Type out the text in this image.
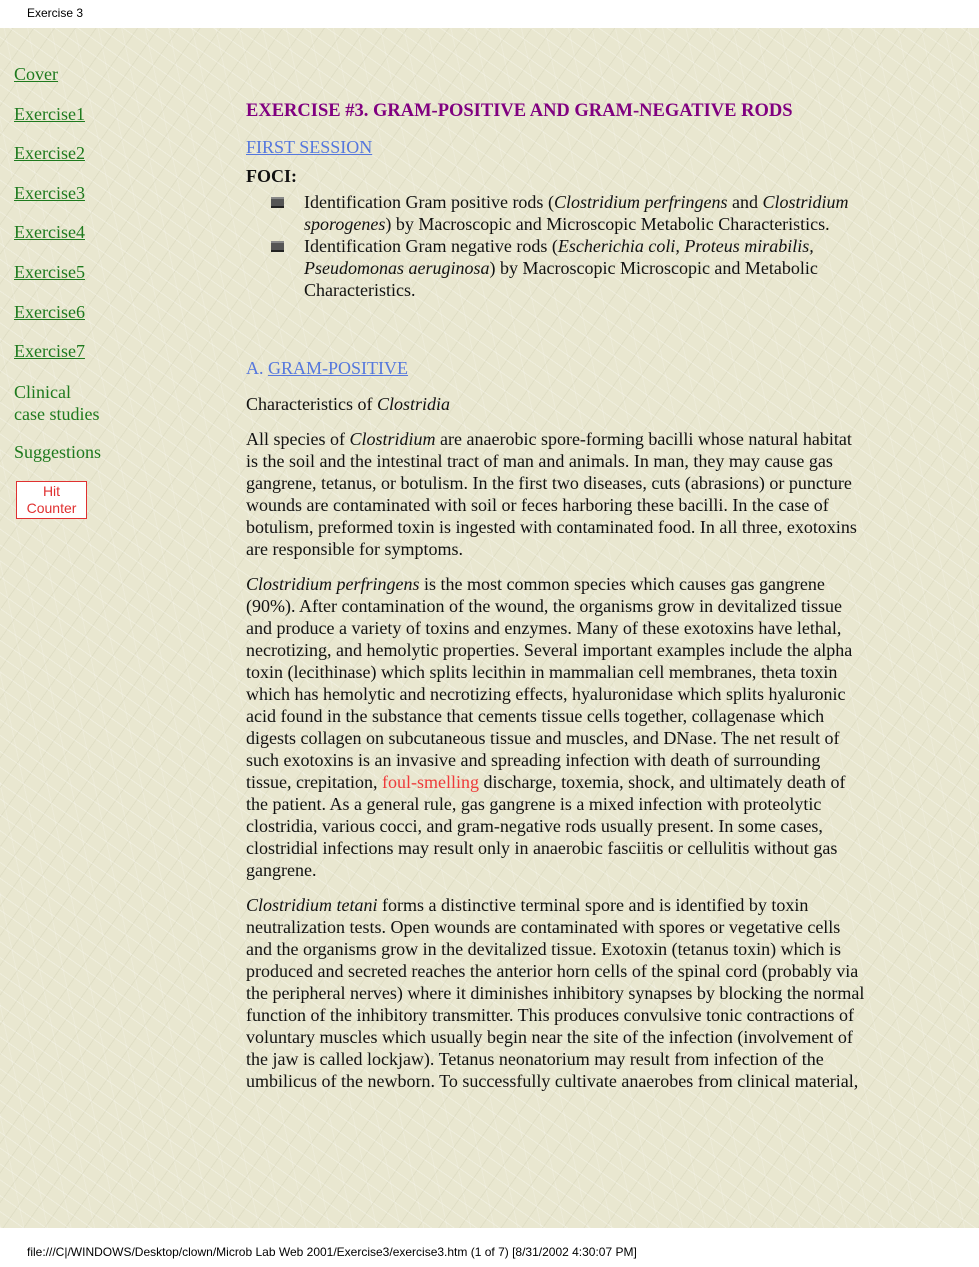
Exercise 3
Cover
Exercise1
Exercise2
Exercise3
Exercise4
Exercise5
Exercise6
Exercise7
Clinical
case studies
Suggestions
Hit
Counter
EXERCISE #3. GRAM-POSITIVE AND GRAM-NEGATIVE RODS
FIRST SESSION
FOCI:
Identification Gram positive rods (Clostridium perfringens and Clostridium sporogenes) by Macroscopic and Microscopic Metabolic Characteristics.
Identification Gram negative rods (Escherichia coli, Proteus mirabilis, Pseudomonas aeruginosa) by Macroscopic Microscopic and Metabolic Characteristics.
A. GRAM-POSITIVE
Characteristics of Clostridia

All species of Clostridium are anaerobic spore-forming bacilli whose natural habitat is the soil and the intestinal tract of man and animals. In man, they may cause gas gangrene, tetanus, or botulism. In the first two diseases, cuts (abrasions) or puncture wounds are contaminated with soil or feces harboring these bacilli. In the case of botulism, preformed toxin is ingested with contaminated food. In all three, exotoxins are responsible for symptoms.

Clostridium perfringens is the most common species which causes gas gangrene (90%). After contamination of the wound, the organisms grow in devitalized tissue and produce a variety of toxins and enzymes. Many of these exotoxins have lethal, necrotizing, and hemolytic properties. Several important examples include the alpha toxin (lecithinase) which splits lecithin in mammalian cell membranes, theta toxin which has hemolytic and necrotizing effects, hyaluronidase which splits hyaluronic acid found in the substance that cements tissue cells together, collagenase which digests collagen on subcutaneous tissue and muscles, and DNase. The net result of such exotoxins is an invasive and spreading infection with death of surrounding tissue, crepitation, foul-smelling discharge, toxemia, shock, and ultimately death of the patient. As a general rule, gas gangrene is a mixed infection with proteolytic clostridia, various cocci, and gram-negative rods usually present. In some cases, clostridial infections may result only in anaerobic fasciitis or cellulitis without gas gangrene.

Clostridium tetani forms a distinctive terminal spore and is identified by toxin neutralization tests. Open wounds are contaminated with spores or vegetative cells and the organisms grow in the devitalized tissue. Exotoxin (tetanus toxin) which is produced and secreted reaches the anterior horn cells of the spinal cord (probably via the peripheral nerves) where it diminishes inhibitory synapses by blocking the normal function of the inhibitory transmitter. This produces convulsive tonic contractions of voluntary muscles which usually begin near the site of the infection (involvement of the jaw is called lockjaw). Tetanus neonatorium may result from infection of the umbilicus of the newborn. To successfully cultivate anaerobes from clinical material,

file:///C|/WINDOWS/Desktop/clown/Microb Lab Web 2001/Exercise3/exercise3.htm (1 of 7) [8/31/2002 4:30:07 PM]
